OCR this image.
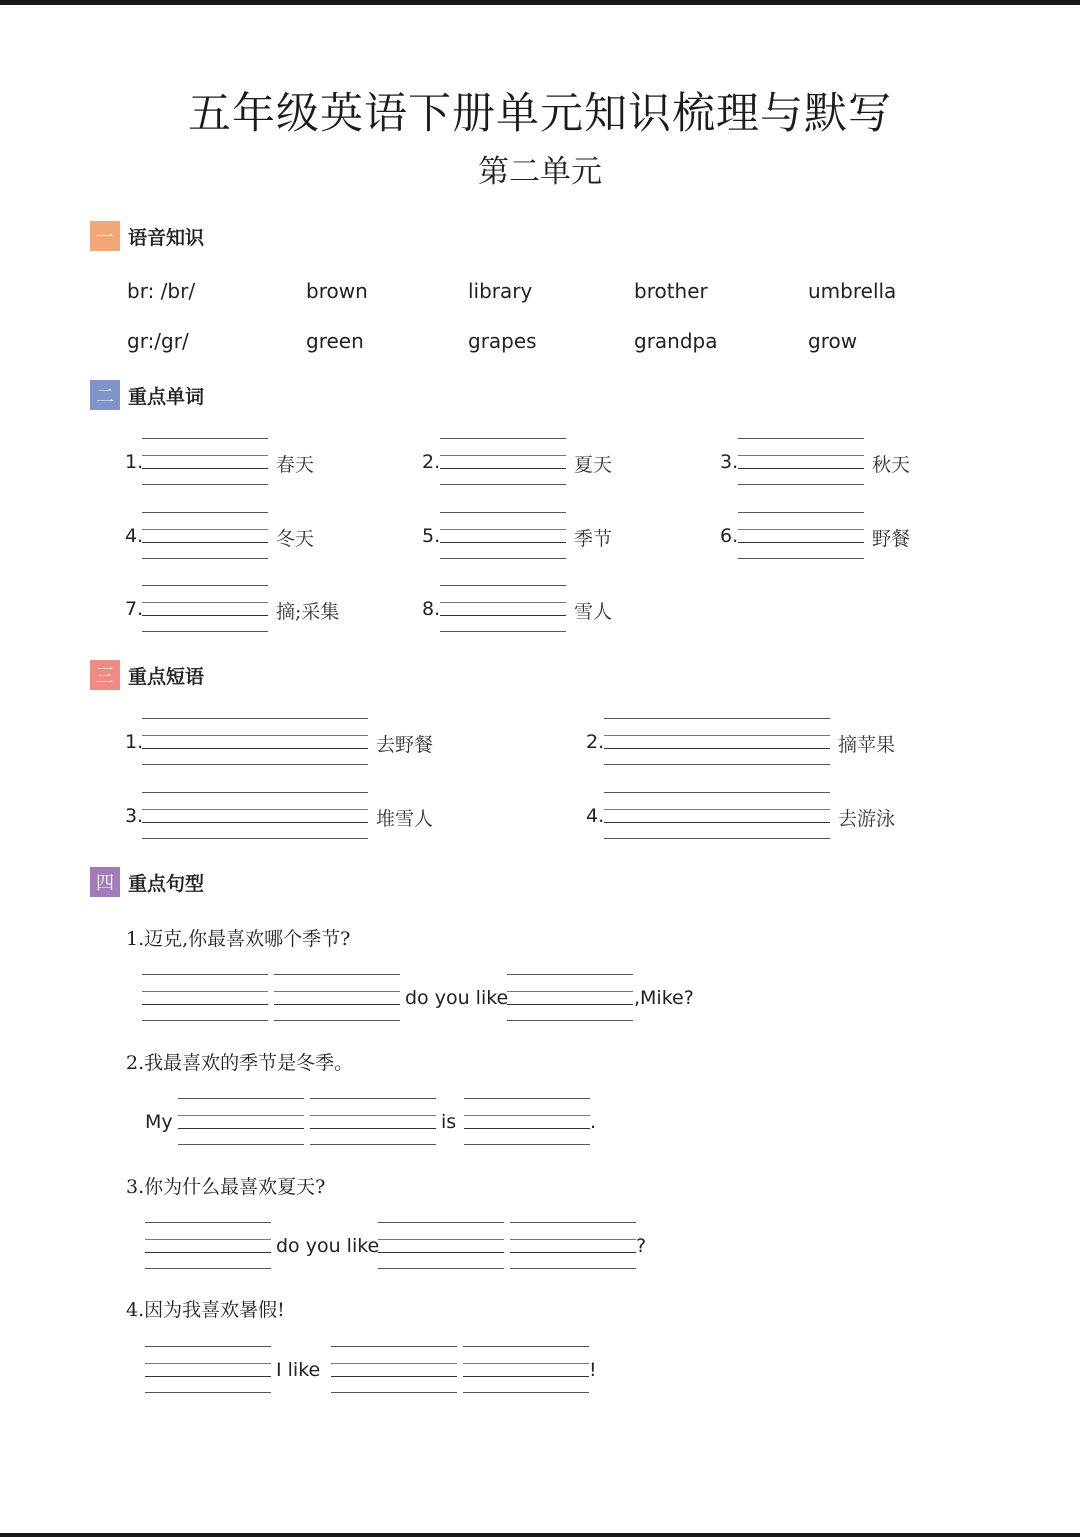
五年级英语下册单元知识梳理与默写
第二单元
一 语音知识
br: /br/	brown	library	brother	umbrella
gr:/gr/	green	grapes	grandpa	grow
二 重点单词
1.	春天	2.	夏天	3.	秋天
4.	冬天	5.	季节	6.	野餐
7.	摘;采集	8.	雪人
三 重点短语
1.	去野餐	2.	摘苹果
3.	堆雪人	4.	去游泳
四 重点句型
1.迈克,你最喜欢哪个季节?
do you like	,Mike?
2.我最喜欢的季节是冬季。
My	is	.
3.你为什么最喜欢夏天?
do you like	?
4.因为我喜欢暑假!
I like	!
